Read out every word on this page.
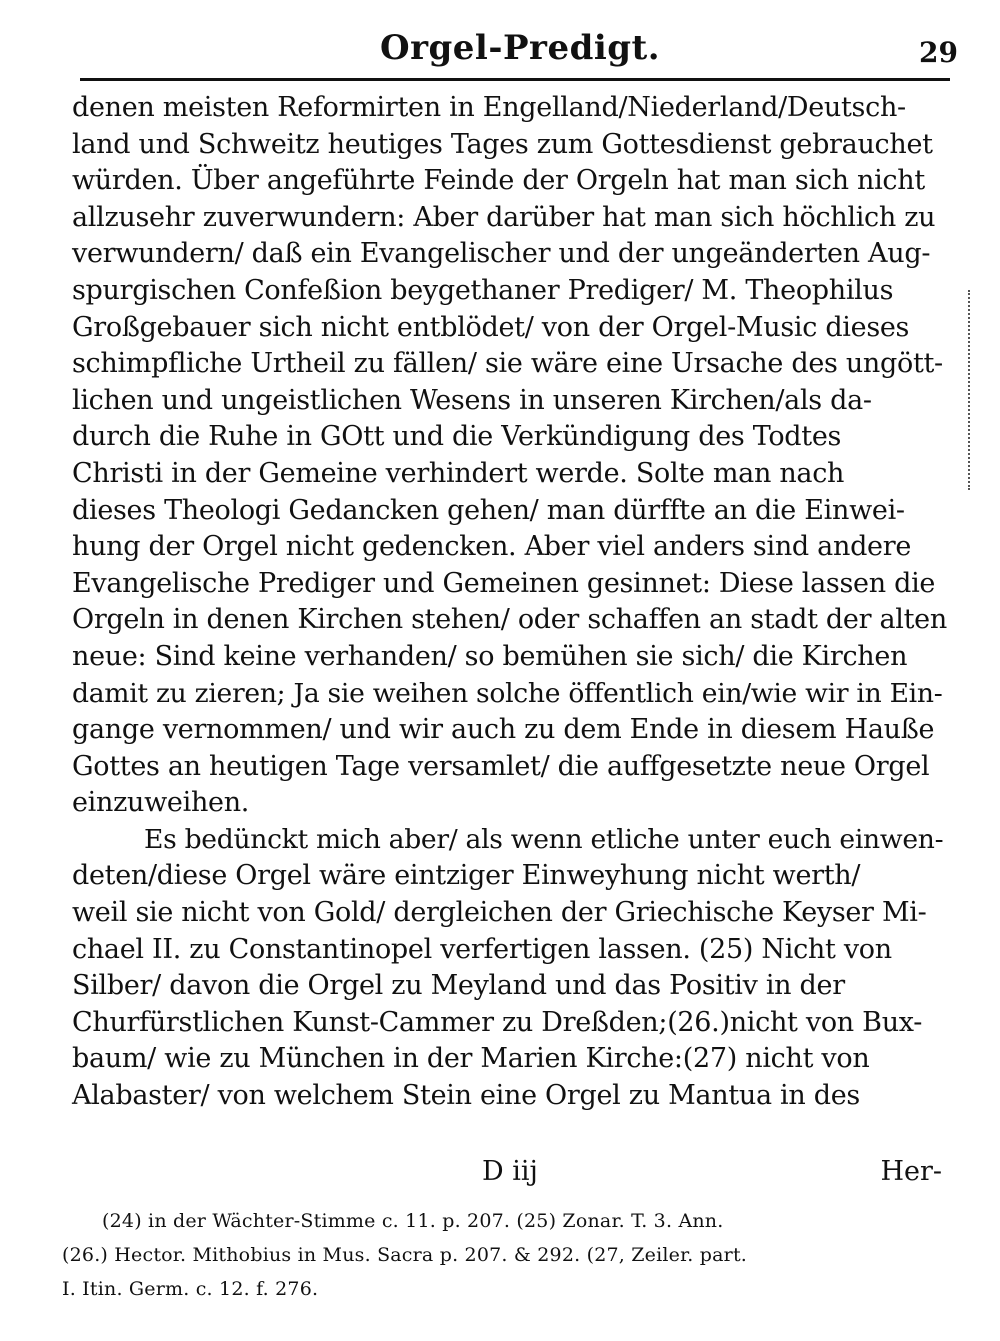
Orgel-Predigt.	29
denen meisten Reformirten in Engelland/Niederland/Deutsch-
land und Schweitz heutiges Tages zum Gottesdienst gebrauchet
würden. Über angeführte Feinde der Orgeln hat man sich nicht
allzusehr zuverwundern: Aber darüber hat man sich höchlich zu
verwundern/ daß ein Evangelischer und der ungeänderten Aug-
spurgischen Confeßion beygethaner Prediger/ M. Theophilus
Großgebauer sich nicht entblödet/ von der Orgel-Music dieses
schimpfliche Urtheil zu fällen/ sie wäre eine Ursache des ungött-
lichen und ungeistlichen Wesens in unseren Kirchen/als da-
durch die Ruhe in GOtt und die Verkündigung des Todtes
Christi in der Gemeine verhindert werde. Solte man nach
dieses Theologi Gedancken gehen/ man dürffte an die Einwei-
hung der Orgel nicht gedencken. Aber viel anders sind andere
Evangelische Prediger und Gemeinen gesinnet: Diese lassen die
Orgeln in denen Kirchen stehen/ oder schaffen an stadt der alten
neue: Sind keine verhanden/ so bemühen sie sich/ die Kirchen
damit zu zieren; Ja sie weihen solche öffentlich ein/wie wir in Ein-
gange vernommen/ und wir auch zu dem Ende in diesem Hauße
Gottes an heutigen Tage versamlet/ die auffgesetzte neue Orgel
einzuweihen.
Es bedünckt mich aber/ als wenn etliche unter euch einwen-
deten/diese Orgel wäre eintziger Einweyhung nicht werth/
weil sie nicht von Gold/ dergleichen der Griechische Keyser Mi-
chael II. zu Constantinopel verfertigen lassen. (25) Nicht von
Silber/ davon die Orgel zu Meyland und das Positiv in der
Churfürstlichen Kunst-Cammer zu Dreßden;(26.)nicht von Bux-
baum/ wie zu München in der Marien Kirche:(27) nicht von
Alabaster/ von welchem Stein eine Orgel zu Mantua in des
D iij	Her-
(24) in der Wächter-Stimme c. 11. p. 207. (25) Zonar. T. 3. Ann.
(26.) Hector. Mithobius in Mus. Sacra p. 207. & 292. (27, Zeiler. part.
I. Itin. Germ. c. 12. f. 276.
